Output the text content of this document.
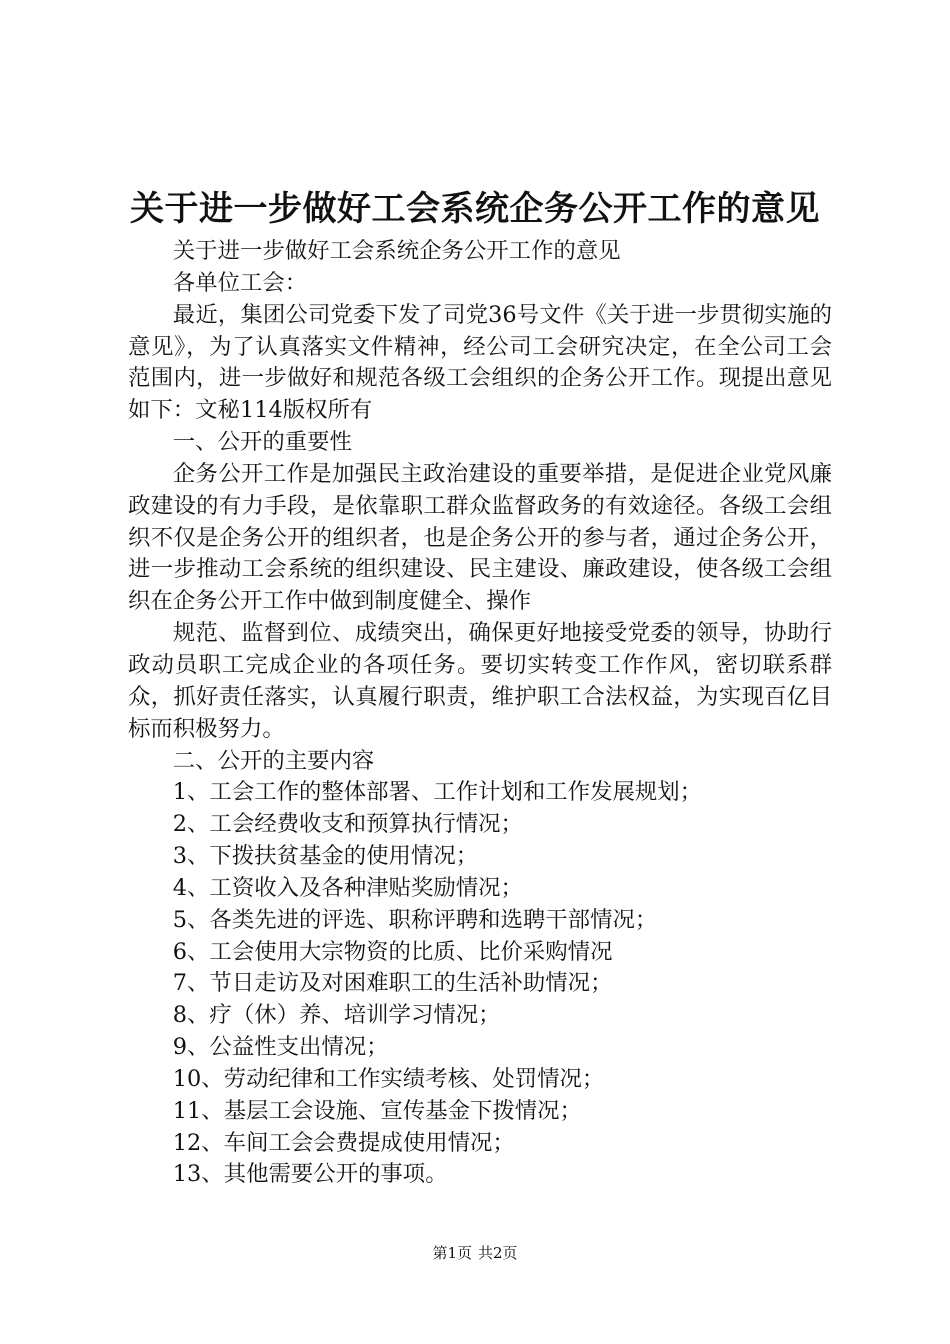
关于进一步做好工会系统企务公开工作的意见

关于进一步做好工会系统企务公开工作的意见

各单位工会：

最近，集团公司党委下发了司党36号文件《关于进一步贯彻实施的意见》，为了认真落实文件精神，经公司工会研究决定，在全公司工会范围内，进一步做好和规范各级工会组织的企务公开工作。现提出意见如下：文秘114版权所有

一、公开的重要性

企务公开工作是加强民主政治建设的重要举措，是促进企业党风廉政建设的有力手段，是依靠职工群众监督政务的有效途径。各级工会组织不仅是企务公开的组织者，也是企务公开的参与者，通过企务公开，进一步推动工会系统的组织建设、民主建设、廉政建设，使各级工会组织在企务公开工作中做到制度健全、操作

规范、监督到位、成绩突出，确保更好地接受党委的领导，协助行政动员职工完成企业的各项任务。要切实转变工作作风，密切联系群众，抓好责任落实，认真履行职责，维护职工合法权益，为实现百亿目标而积极努力。

二、公开的主要内容

1、工会工作的整体部署、工作计划和工作发展规划；

2、工会经费收支和预算执行情况；

3、下拨扶贫基金的使用情况；

4、工资收入及各种津贴奖励情况；

5、各类先进的评选、职称评聘和选聘干部情况；

6、工会使用大宗物资的比质、比价采购情况

7、节日走访及对困难职工的生活补助情况；

8、疗（休）养、培训学习情况；

9、公益性支出情况；

10、劳动纪律和工作实绩考核、处罚情况；

11、基层工会设施、宣传基金下拨情况；

12、车间工会会费提成使用情况；

13、其他需要公开的事项。

第1页 共2页
